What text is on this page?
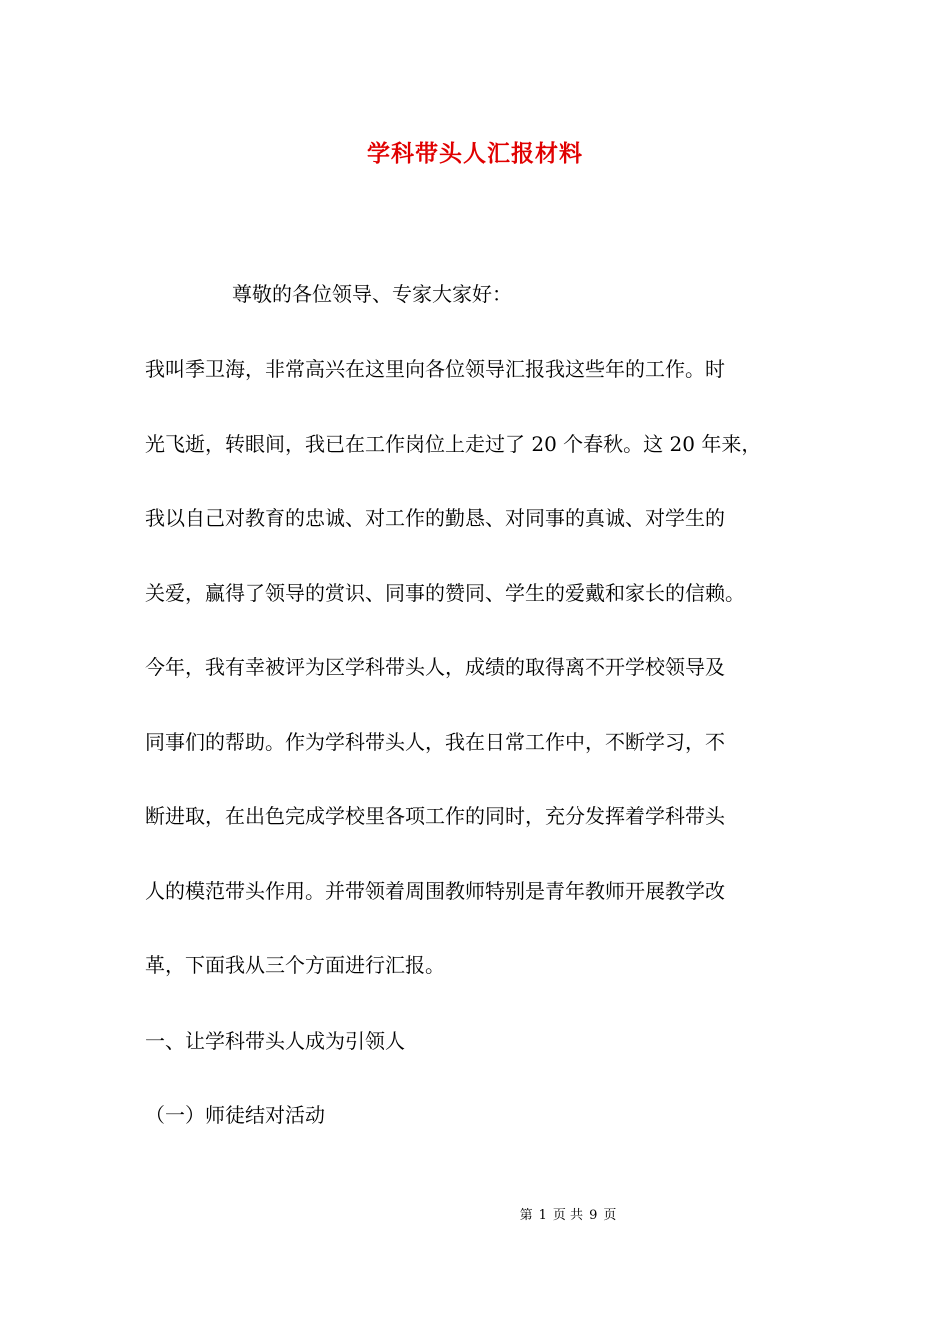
学科带头人汇报材料

尊敬的各位领导、专家大家好：

我叫季卫海，非常高兴在这里向各位领导汇报我这些年的工作。时
光飞逝，转眼间，我已在工作岗位上走过了 20 个春秋。这 20 年来，
我以自己对教育的忠诚、对工作的勤恳、对同事的真诚、对学生的
关爱，赢得了领导的赏识、同事的赞同、学生的爱戴和家长的信赖。
今年，我有幸被评为区学科带头人，成绩的取得离不开学校领导及
同事们的帮助。作为学科带头人，我在日常工作中，不断学习，不
断进取，在出色完成学校里各项工作的同时，充分发挥着学科带头
人的模范带头作用。并带领着周围教师特别是青年教师开展教学改
革，下面我从三个方面进行汇报。

一、让学科带头人成为引领人

（一）师徒结对活动

第 1 页 共 9 页
